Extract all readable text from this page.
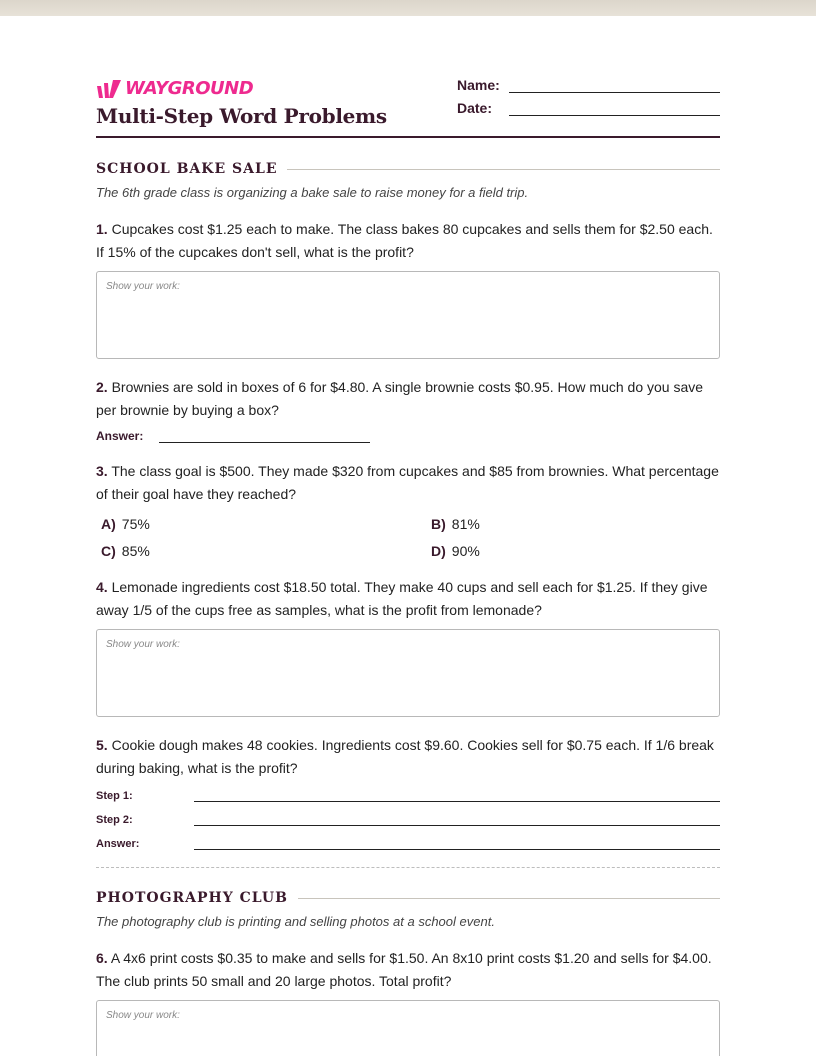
WAYGROUND
Multi-Step Word Problems
Name:
Date:
SCHOOL BAKE SALE
The 6th grade class is organizing a bake sale to raise money for a field trip.
1. Cupcakes cost $1.25 each to make. The class bakes 80 cupcakes and sells them for $2.50 each. If 15% of the cupcakes don't sell, what is the profit?
Show your work:
2. Brownies are sold in boxes of 6 for $4.80. A single brownie costs $0.95. How much do you save per brownie by buying a box?
Answer:
3. The class goal is $500. They made $320 from cupcakes and $85 from brownies. What percentage of their goal have they reached?
A) 75%	B) 81%
C) 85%	D) 90%
4. Lemonade ingredients cost $18.50 total. They make 40 cups and sell each for $1.25. If they give away 1/5 of the cups free as samples, what is the profit from lemonade?
Show your work:
5. Cookie dough makes 48 cookies. Ingredients cost $9.60. Cookies sell for $0.75 each. If 1/6 break during baking, what is the profit?
Step 1:
Step 2:
Answer:
PHOTOGRAPHY CLUB
The photography club is printing and selling photos at a school event.
6. A 4x6 print costs $0.35 to make and sells for $1.50. An 8x10 print costs $1.20 and sells for $4.00. The club prints 50 small and 20 large photos. Total profit?
Show your work:
